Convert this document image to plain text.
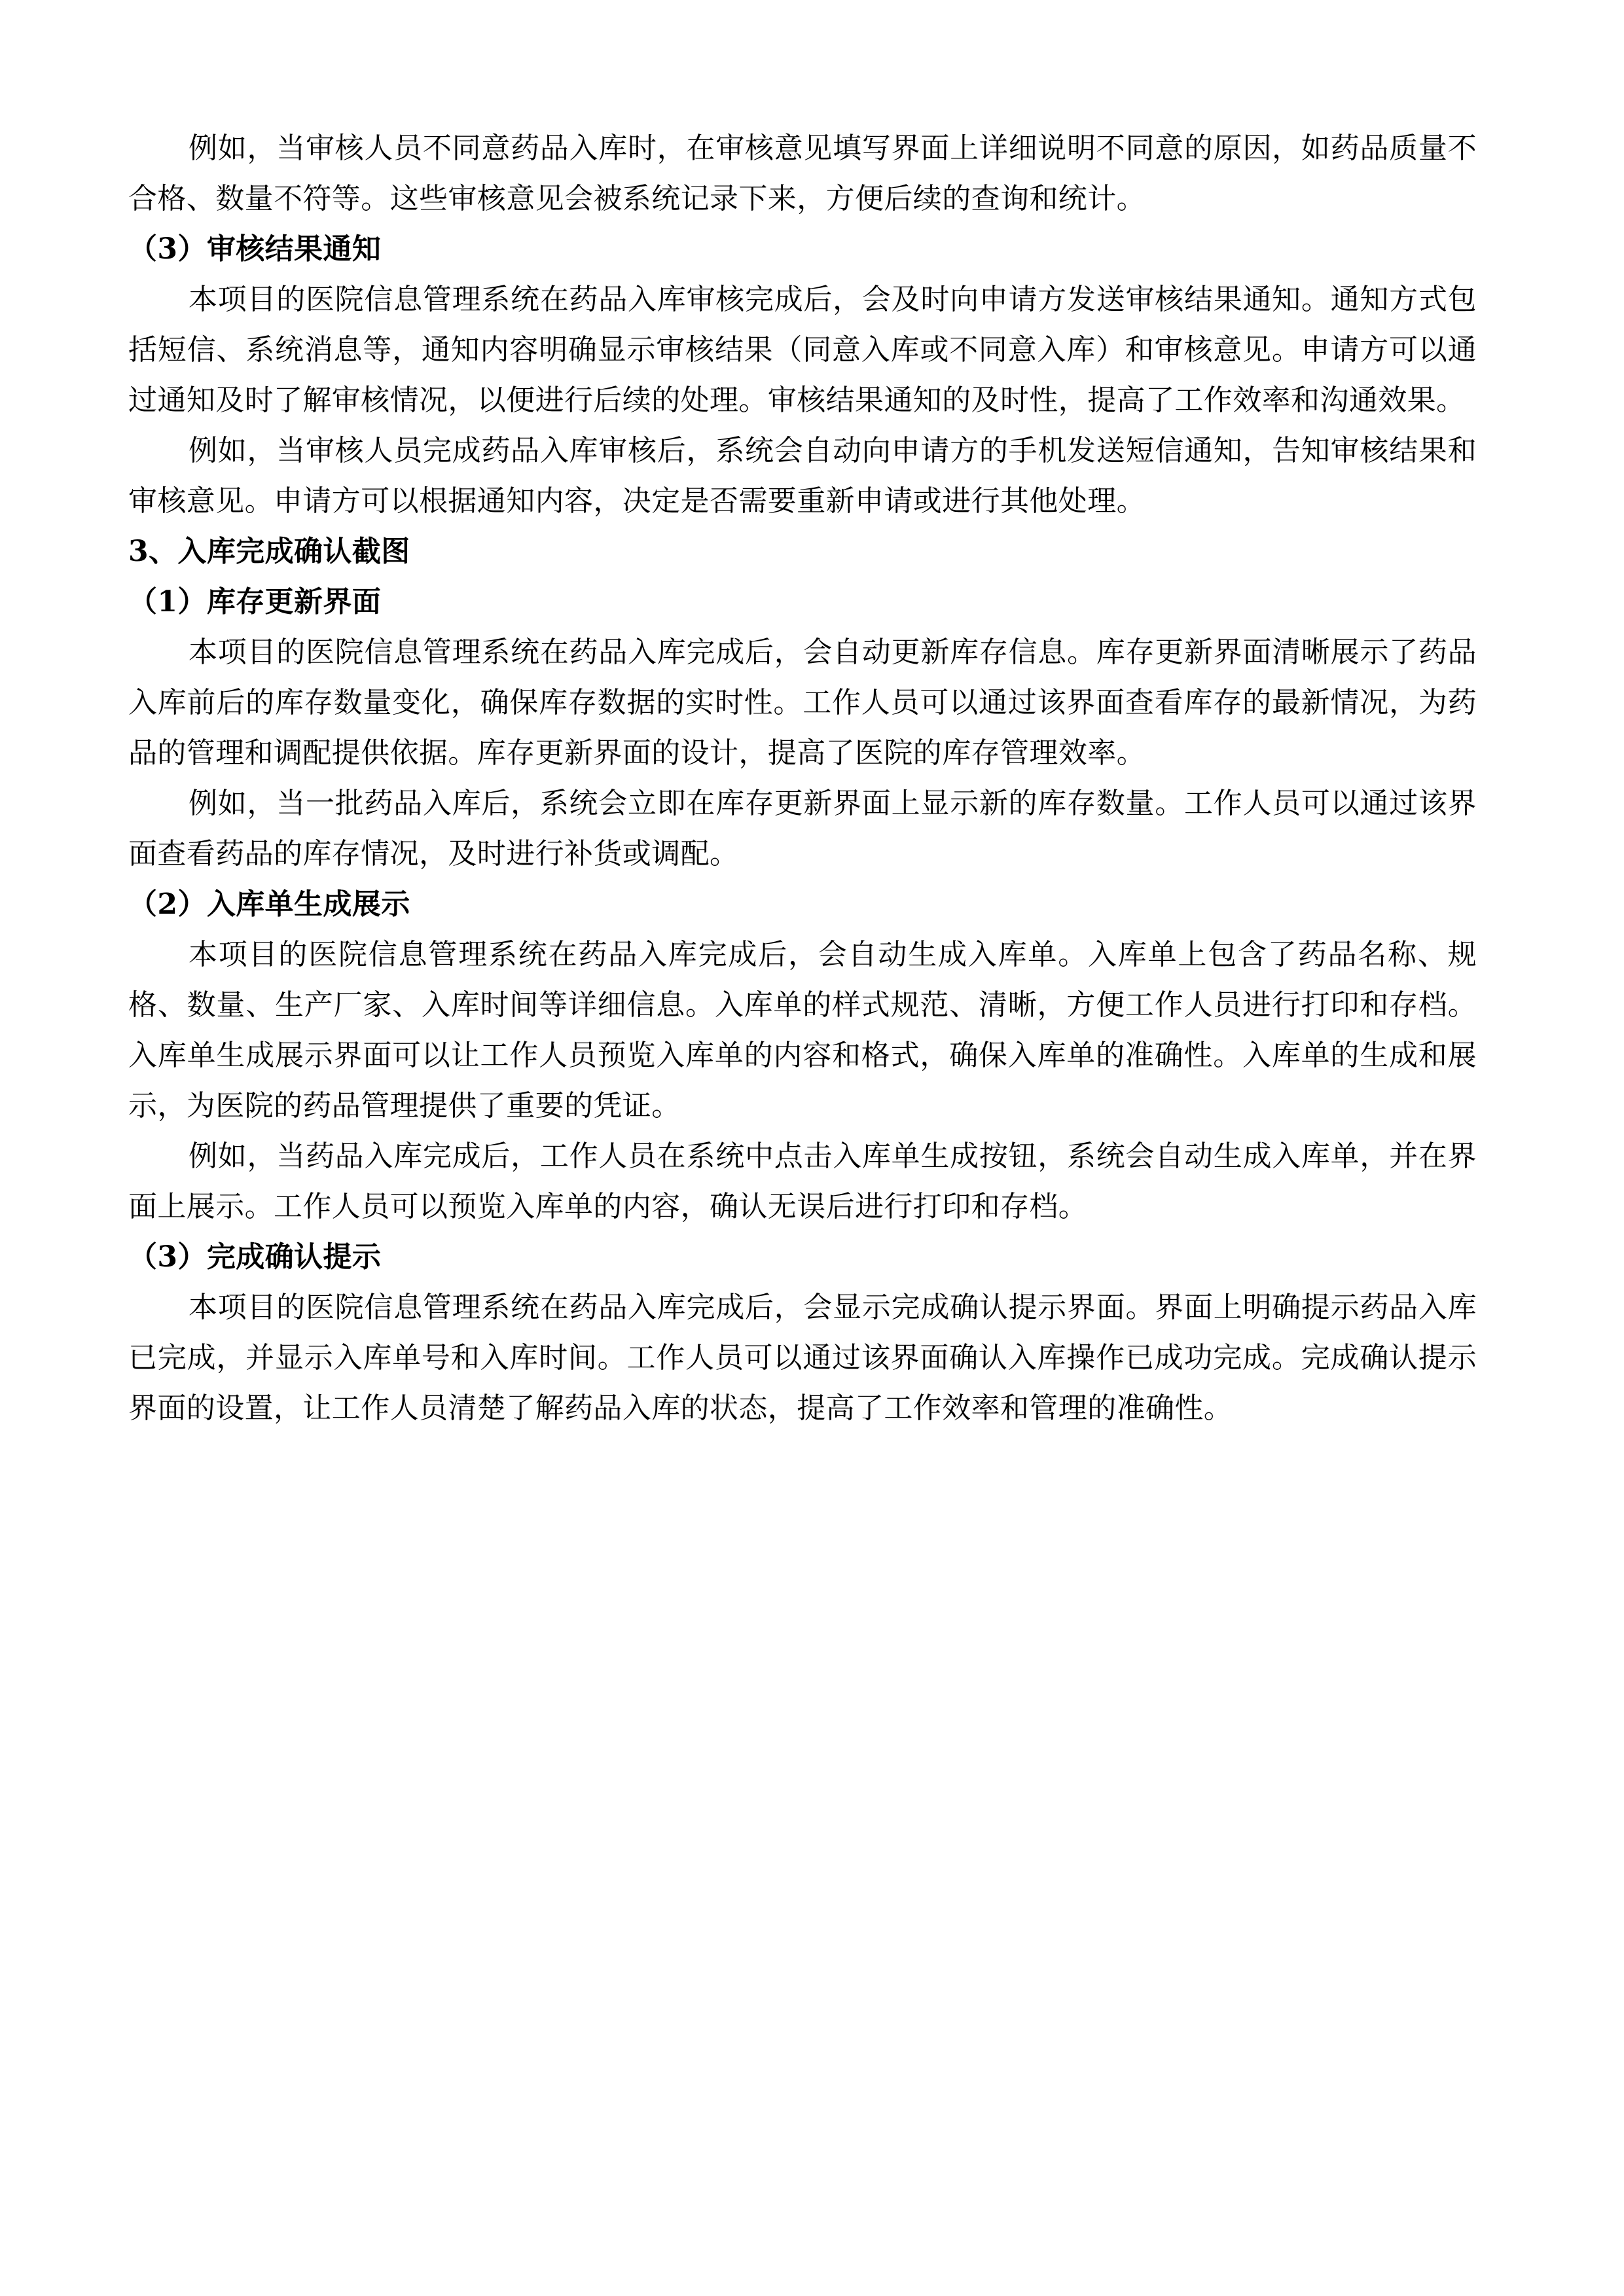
例如，当审核人员不同意药品入库时，在审核意见填写界面上详细说明不同意的原因，如药品质量不合格、数量不符等。这些审核意见会被系统记录下来，方便后续的查询和统计。

（3）审核结果通知

本项目的医院信息管理系统在药品入库审核完成后，会及时向申请方发送审核结果通知。通知方式包括短信、系统消息等，通知内容明确显示审核结果（同意入库或不同意入库）和审核意见。申请方可以通过通知及时了解审核情况，以便进行后续的处理。审核结果通知的及时性，提高了工作效率和沟通效果。

例如，当审核人员完成药品入库审核后，系统会自动向申请方的手机发送短信通知，告知审核结果和审核意见。申请方可以根据通知内容，决定是否需要重新申请或进行其他处理。

3、入库完成确认截图
（1）库存更新界面

本项目的医院信息管理系统在药品入库完成后，会自动更新库存信息。库存更新界面清晰展示了药品入库前后的库存数量变化，确保库存数据的实时性。工作人员可以通过该界面查看库存的最新情况，为药品的管理和调配提供依据。库存更新界面的设计，提高了医院的库存管理效率。

例如，当一批药品入库后，系统会立即在库存更新界面上显示新的库存数量。工作人员可以通过该界面查看药品的库存情况，及时进行补货或调配。

（2）入库单生成展示

本项目的医院信息管理系统在药品入库完成后，会自动生成入库单。入库单上包含了药品名称、规格、数量、生产厂家、入库时间等详细信息。入库单的样式规范、清晰，方便工作人员进行打印和存档。入库单生成展示界面可以让工作人员预览入库单的内容和格式，确保入库单的准确性。入库单的生成和展示，为医院的药品管理提供了重要的凭证。

例如，当药品入库完成后，工作人员在系统中点击入库单生成按钮，系统会自动生成入库单，并在界面上展示。工作人员可以预览入库单的内容，确认无误后进行打印和存档。

（3）完成确认提示

本项目的医院信息管理系统在药品入库完成后，会显示完成确认提示界面。界面上明确提示药品入库已完成，并显示入库单号和入库时间。工作人员可以通过该界面确认入库操作已成功完成。完成确认提示界面的设置，让工作人员清楚了解药品入库的状态，提高了工作效率和管理的准确性。
